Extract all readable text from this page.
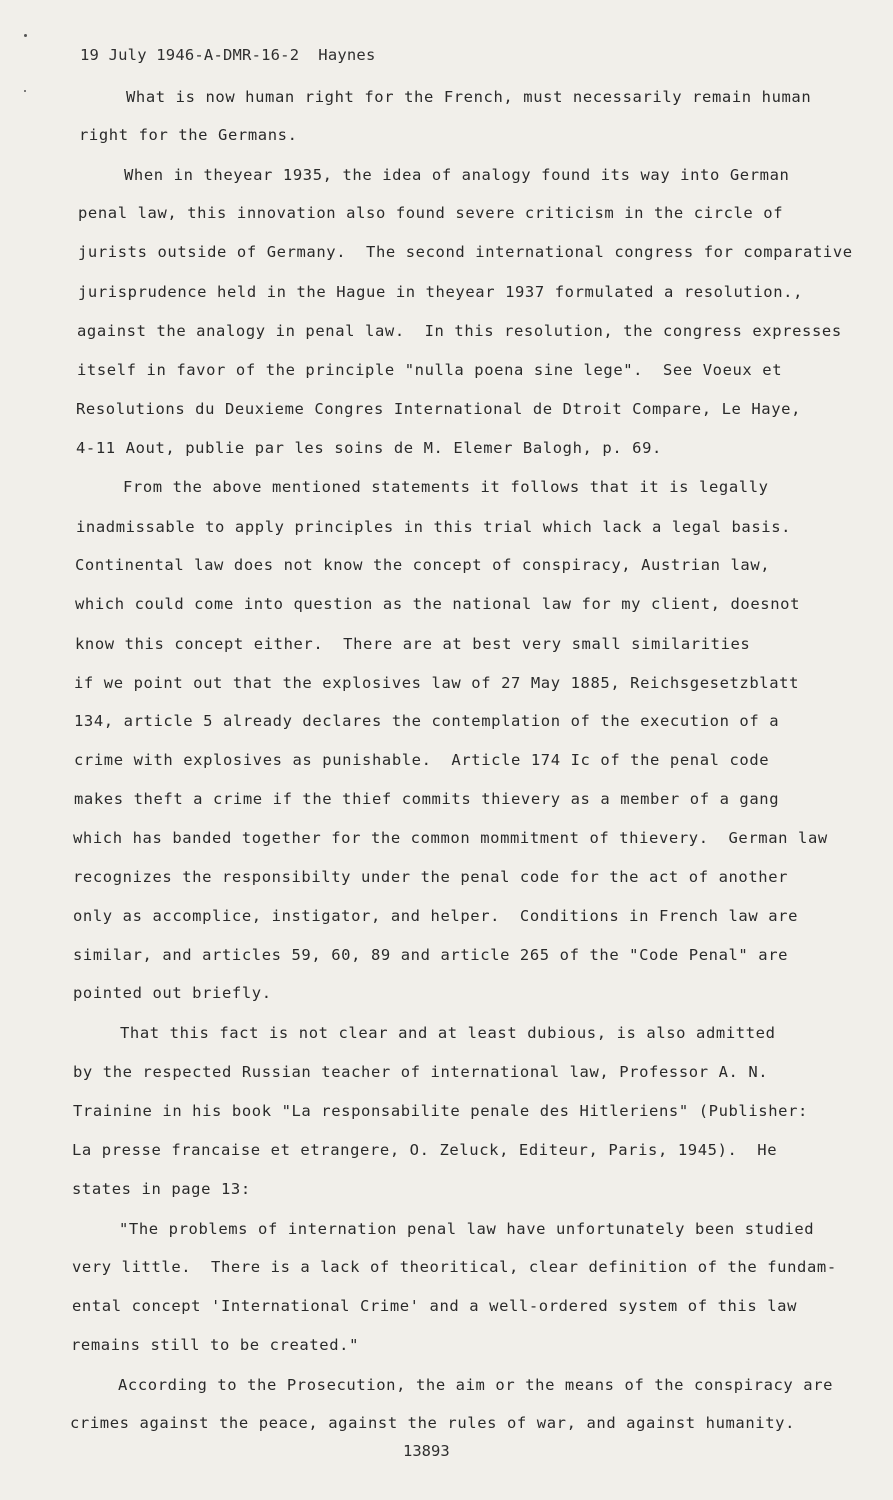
19 July 1946-A-DMR-16-2  Haynes
What is now human right for the French, must necessarily remain human
right for the Germans.
When in theyear 1935, the idea of analogy found its way into German
penal law, this innovation also found severe criticism in the circle of
jurists outside of Germany.  The second international congress for comparative
jurisprudence held in the Hague in theyear 1937 formulated a resolution.,
against the analogy in penal law.  In this resolution, the congress expresses
itself in favor of the principle "nulla poena sine lege".  See Voeux et
Resolutions du Deuxieme Congres International de Dtroit Compare, Le Haye,
4-11 Aout, publie par les soins de M. Elemer Balogh, p. 69.
From the above mentioned statements it follows that it is legally
inadmissable to apply principles in this trial which lack a legal basis.
Continental law does not know the concept of conspiracy, Austrian law,
which could come into question as the national law for my client, doesnot
know this concept either.  There are at best very small similarities
if we point out that the explosives law of 27 May 1885, Reichsgesetzblatt
134, article 5 already declares the contemplation of the execution of a
crime with explosives as punishable.  Article 174 Ic of the penal code
makes theft a crime if the thief commits thievery as a member of a gang
which has banded together for the common mommitment of thievery.  German law
recognizes the responsibilty under the penal code for the act of another
only as accomplice, instigator, and helper.  Conditions in French law are
similar, and articles 59, 60, 89 and article 265 of the "Code Penal" are
pointed out briefly.
That this fact is not clear and at least dubious, is also admitted
by the respected Russian teacher of international law, Professor A. N.
Trainine in his book "La responsabilite penale des Hitleriens" (Publisher:
La presse francaise et etrangere, O. Zeluck, Editeur, Paris, 1945).  He
states in page 13:
"The problems of internation penal law have unfortunately been studied
very little.  There is a lack of theoritical, clear definition of the fundam-
ental concept 'International Crime' and a well-ordered system of this law
remains still to be created."
According to the Prosecution, the aim or the means of the conspiracy are
crimes against the peace, against the rules of war, and against humanity.
13893
